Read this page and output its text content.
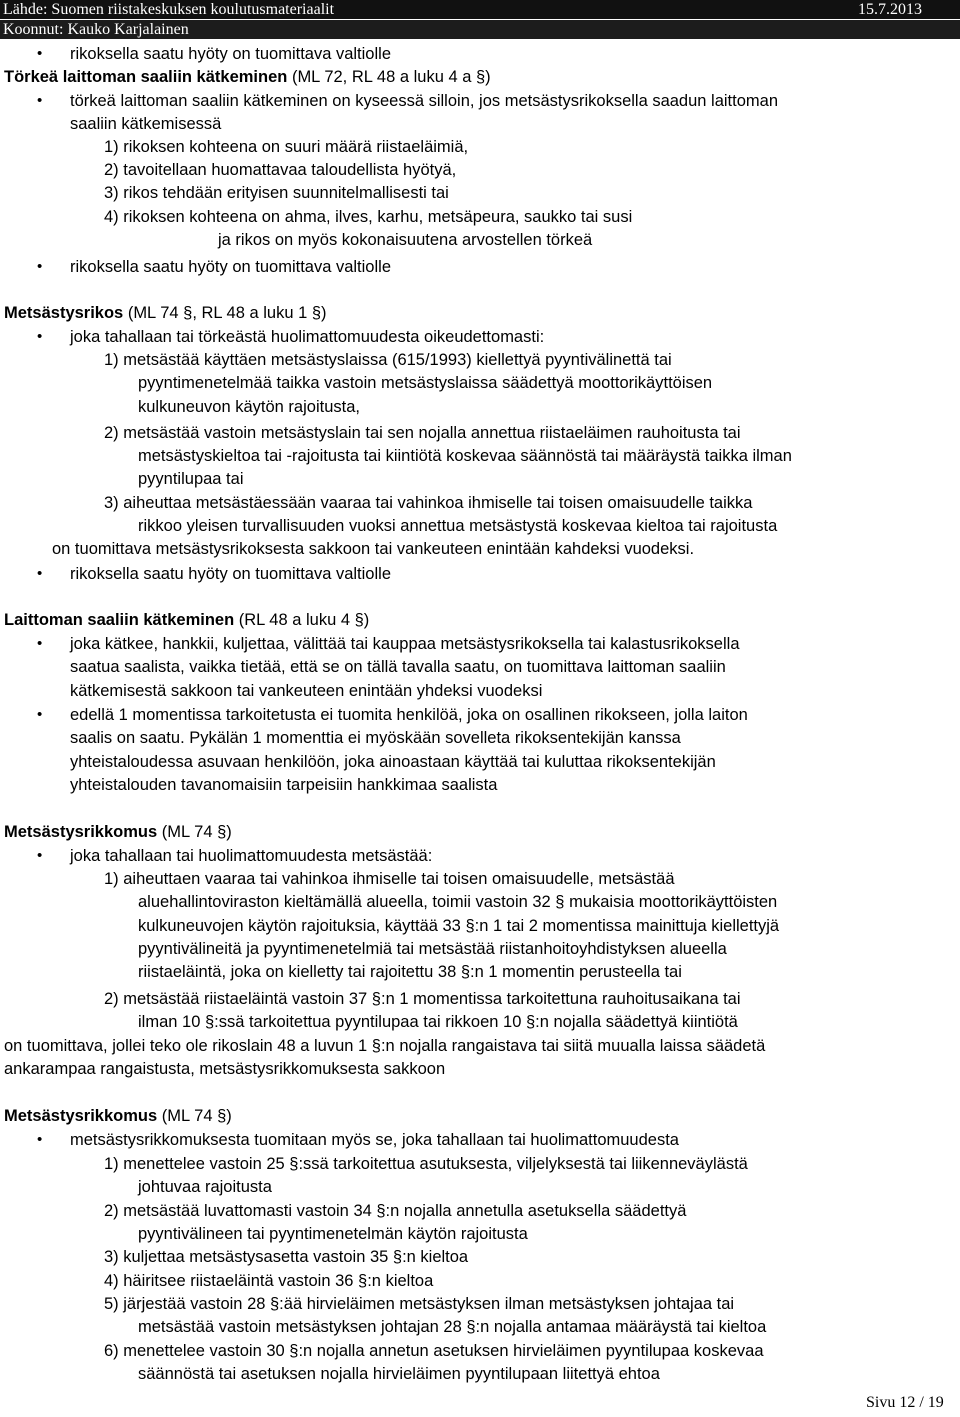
Lähde: Suomen riistakeskuksen koulutusmateriaalit	15.7.2013
Koonnut: Kauko Karjalainen
• rikoksella saatu hyöty on tuomittava valtiolle
Törkeä laittoman saaliin kätkeminen (ML 72, RL 48 a luku 4 a §)
• törkeä laittoman saaliin kätkeminen on kyseessä silloin, jos metsästysrikoksella saadun laittoman
saaliin kätkemisessä
1) rikoksen kohteena on suuri määrä riistaeläimiä,
2) tavoitellaan huomattavaa taloudellista hyötyä,
3) rikos tehdään erityisen suunnitelmallisesti tai
4) rikoksen kohteena on ahma, ilves, karhu, metsäpeura, saukko tai susi
ja rikos on myös kokonaisuutena arvostellen törkeä
• rikoksella saatu hyöty on tuomittava valtiolle
Metsästysrikos (ML 74 §, RL 48 a luku 1 §)
• joka tahallaan tai törkeästä huolimattomuudesta oikeudettomasti:
1) metsästää käyttäen metsästyslaissa (615/1993) kiellettyä pyyntivälinettä tai
pyyntimenetelmää taikka vastoin metsästyslaissa säädettyä moottorikäyttöisen
kulkuneuvon käytön rajoitusta,
2) metsästää vastoin metsästyslain tai sen nojalla annettua riistaeläimen rauhoitusta tai
metsästyskieltoa tai -rajoitusta tai kiintiötä koskevaa säännöstä tai määräystä taikka ilman
pyyntilupaa tai
3) aiheuttaa metsästäessään vaaraa tai vahinkoa ihmiselle tai toisen omaisuudelle taikka
rikkoo yleisen turvallisuuden vuoksi annettua metsästystä koskevaa kieltoa tai rajoitusta
on tuomittava metsästysrikoksesta sakkoon tai vankeuteen enintään kahdeksi vuodeksi.
• rikoksella saatu hyöty on tuomittava valtiolle
Laittoman saaliin kätkeminen (RL 48 a luku 4 §)
• joka kätkee, hankkii, kuljettaa, välittää tai kauppaa metsästysrikoksella tai kalastusrikoksella
saatua saalista, vaikka tietää, että se on tällä tavalla saatu, on tuomittava laittoman saaliin
kätkemisestä sakkoon tai vankeuteen enintään yhdeksi vuodeksi
• edellä 1 momentissa tarkoitetusta ei tuomita henkilöä, joka on osallinen rikokseen, jolla laiton
saalis on saatu. Pykälän 1 momenttia ei myöskään sovelleta rikoksentekijän kanssa
yhteistaloudessa asuvaan henkilöön, joka ainoastaan käyttää tai kuluttaa rikoksentekijän
yhteistalouden tavanomaisiin tarpeisiin hankkimaa saalista
Metsästysrikkomus (ML 74 §)
• joka tahallaan tai huolimattomuudesta metsästää:
1) aiheuttaen vaaraa tai vahinkoa ihmiselle tai toisen omaisuudelle, metsästää
aluehallintoviraston kieltämällä alueella, toimii vastoin 32 § mukaisia moottorikäyttöisten
kulkuneuvojen käytön rajoituksia, käyttää 33 §:n 1 tai 2 momentissa mainittuja kiellettyjä
pyyntivälineitä ja pyyntimenetelmiä tai metsästää riistanhoitoyhdistyksen alueella
riistaeläintä, joka on kielletty tai rajoitettu 38 §:n 1 momentin perusteella tai
2) metsästää riistaeläintä vastoin 37 §:n 1 momentissa tarkoitettuna rauhoitusaikana tai
ilman 10 §:ssä tarkoitettua pyyntilupaa tai rikkoen 10 §:n nojalla säädettyä kiintiötä
on tuomittava, jollei teko ole rikoslain 48 a luvun 1 §:n nojalla rangaistava tai siitä muualla laissa säädetä
ankarampaa rangaistusta, metsästysrikkomuksesta sakkoon
Metsästysrikkomus (ML 74 §)
• metsästysrikkomuksesta tuomitaan myös se, joka tahallaan tai huolimattomuudesta
1) menettelee vastoin 25 §:ssä tarkoitettua asutuksesta, viljelyksestä tai liikenneväylästä
johtuvaa rajoitusta
2) metsästää luvattomasti vastoin 34 §:n nojalla annetulla asetuksella säädettyä
pyyntivälineen tai pyyntimenetelmän käytön rajoitusta
3) kuljettaa metsästysasetta vastoin 35 §:n kieltoa
4) häiritsee riistaeläintä vastoin 36 §:n kieltoa
5) järjestää vastoin 28 §:ää hirvieläimen metsästyksen ilman metsästyksen johtajaa tai
metsästää vastoin metsästyksen johtajan 28 §:n nojalla antamaa määräystä tai kieltoa
6) menettelee vastoin 30 §:n nojalla annetun asetuksen hirvieläimen pyyntilupaa koskevaa
säännöstä tai asetuksen nojalla hirvieläimen pyyntilupaan liitettyä ehtoa
Sivu 12 / 19
